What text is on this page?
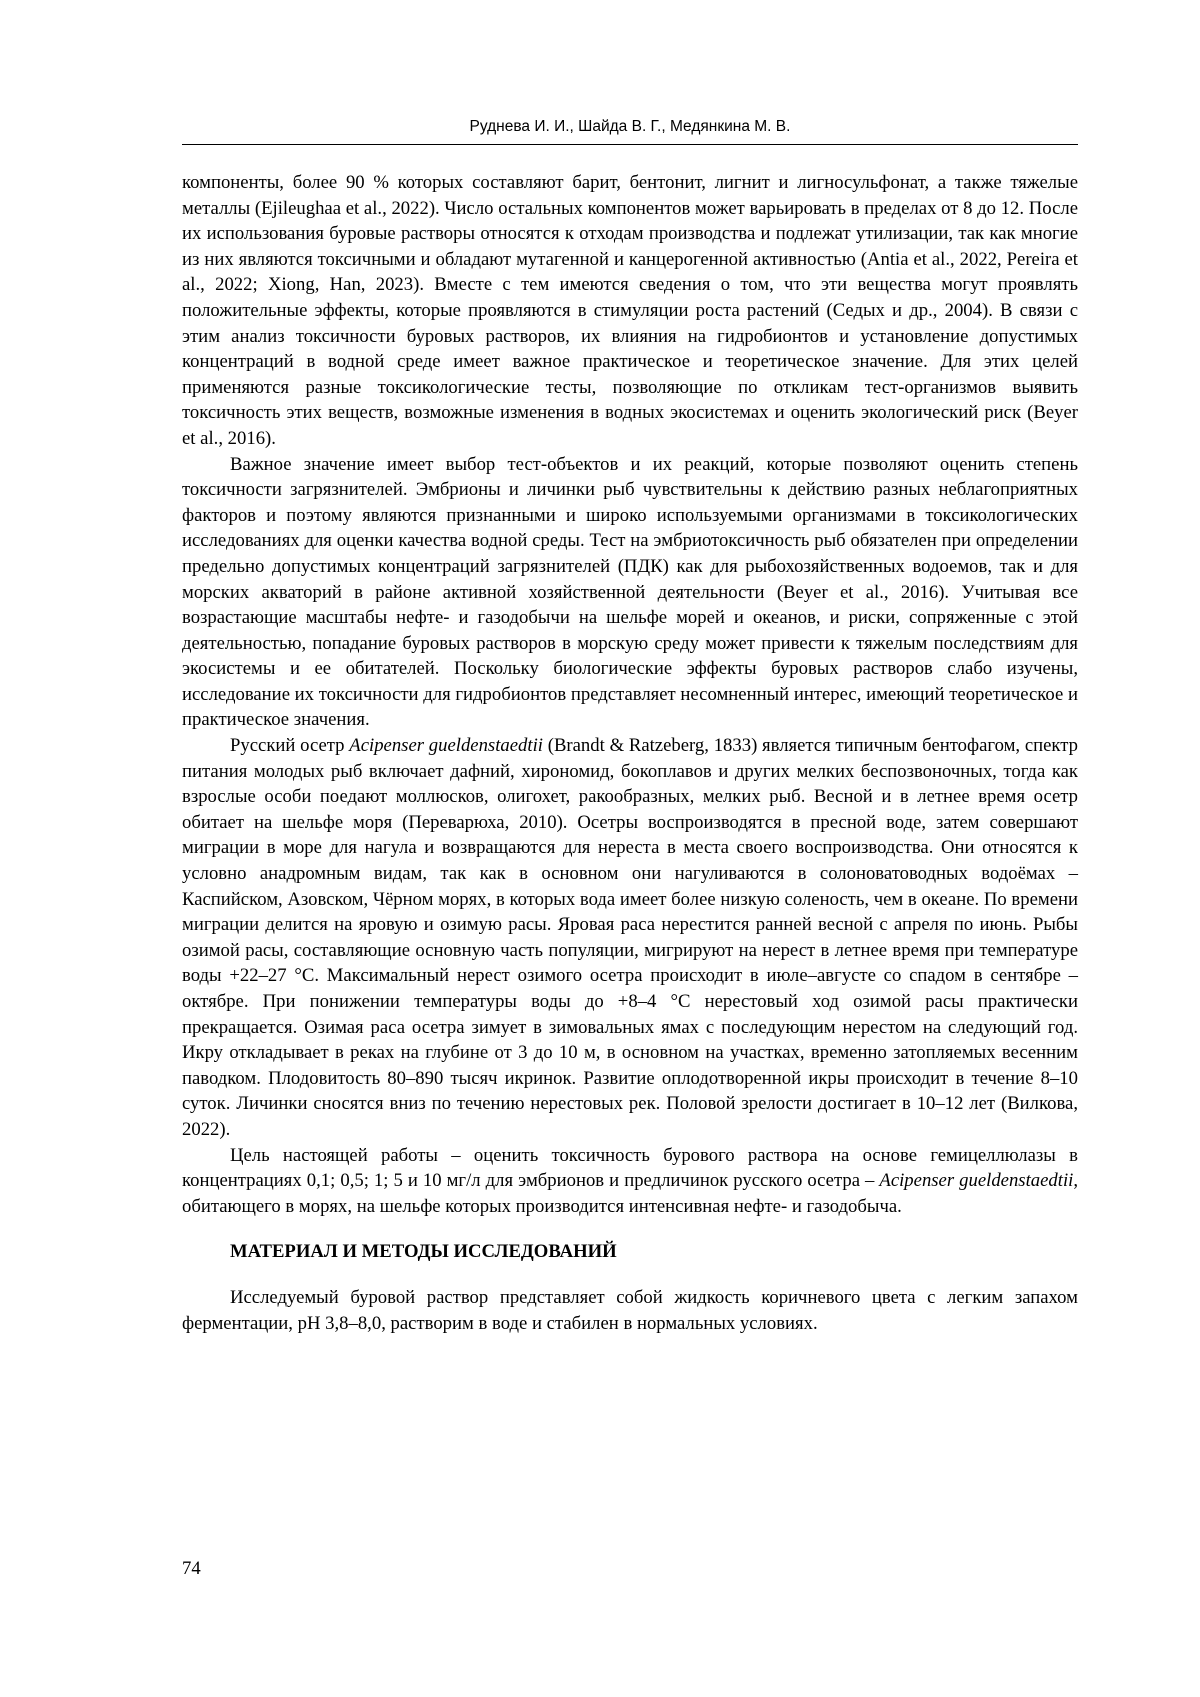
Руднева И. И., Шайда В. Г., Медянкина М. В.

компоненты, более 90 % которых составляют барит, бентонит, лигнит и лигносульфонат, а также тяжелые металлы (Ejileughaa et al., 2022). Число остальных компонентов может варьировать в пределах от 8 до 12. После их использования буровые растворы относятся к отходам производства и подлежат утилизации, так как многие из них являются токсичными и обладают мутагенной и канцерогенной активностью (Antia et al., 2022, Pereira et al., 2022; Xiong, Han, 2023). Вместе с тем имеются сведения о том, что эти вещества могут проявлять положительные эффекты, которые проявляются в стимуляции роста растений (Седых и др., 2004). В связи с этим анализ токсичности буровых растворов, их влияния на гидробионтов и установление допустимых концентраций в водной среде имеет важное практическое и теоретическое значение. Для этих целей применяются разные токсикологические тесты, позволяющие по откликам тест-организмов выявить токсичность этих веществ, возможные изменения в водных экосистемах и оценить экологический риск (Beyer et al., 2016).

Важное значение имеет выбор тест-объектов и их реакций, которые позволяют оценить степень токсичности загрязнителей. Эмбрионы и личинки рыб чувствительны к действию разных неблагоприятных факторов и поэтому являются признанными и широко используемыми организмами в токсикологических исследованиях для оценки качества водной среды. Тест на эмбриотоксичность рыб обязателен при определении предельно допустимых концентраций загрязнителей (ПДК) как для рыбохозяйственных водоемов, так и для морских акваторий в районе активной хозяйственной деятельности (Beyer et al., 2016). Учитывая все возрастающие масштабы нефте- и газодобычи на шельфе морей и океанов, и риски, сопряженные с этой деятельностью, попадание буровых растворов в морскую среду может привести к тяжелым последствиям для экосистемы и ее обитателей. Поскольку биологические эффекты буровых растворов слабо изучены, исследование их токсичности для гидробионтов представляет несомненный интерес, имеющий теоретическое и практическое значения.

Русский осетр Acipenser gueldenstaedtii (Brandt & Ratzeberg, 1833) является типичным бентофагом, спектр питания молодых рыб включает дафний, хирономид, бокоплавов и других мелких беспозвоночных, тогда как взрослые особи поедают моллюсков, олигохет, ракообразных, мелких рыб. Весной и в летнее время осетр обитает на шельфе моря (Переварюха, 2010). Осетры воспроизводятся в пресной воде, затем совершают миграции в море для нагула и возвращаются для нереста в места своего воспроизводства. Они относятся к условно анадромным видам, так как в основном они нагуливаются в солоноватоводных водоёмах – Каспийском, Азовском, Чёрном морях, в которых вода имеет более низкую соленость, чем в океане. По времени миграции делится на яровую и озимую расы. Яровая раса нерестится ранней весной с апреля по июнь. Рыбы озимой расы, составляющие основную часть популяции, мигрируют на нерест в летнее время при температуре воды +22–27 °С. Максимальный нерест озимого осетра происходит в июле–августе со спадом в сентябре – октябре. При понижении температуры воды до +8–4 °С нерестовый ход озимой расы практически прекращается. Озимая раса осетра зимует в зимовальных ямах с последующим нерестом на следующий год. Икру откладывает в реках на глубине от 3 до 10 м, в основном на участках, временно затопляемых весенним паводком. Плодовитость 80–890 тысяч икринок. Развитие оплодотворенной икры происходит в течение 8–10 суток. Личинки сносятся вниз по течению нерестовых рек. Половой зрелости достигает в 10–12 лет (Вилкова, 2022).

Цель настоящей работы – оценить токсичность бурового раствора на основе гемицеллюлазы в концентрациях 0,1; 0,5; 1; 5 и 10 мг/л для эмбрионов и предличинок русского осетра – Acipenser gueldenstaedtii, обитающего в морях, на шельфе которых производится интенсивная нефте- и газодобыча.

МАТЕРИАЛ И МЕТОДЫ ИССЛЕДОВАНИЙ

Исследуемый буровой раствор представляет собой жидкость коричневого цвета с легким запахом ферментации, pH 3,8–8,0, растворим в воде и стабилен в нормальных условиях.

74
